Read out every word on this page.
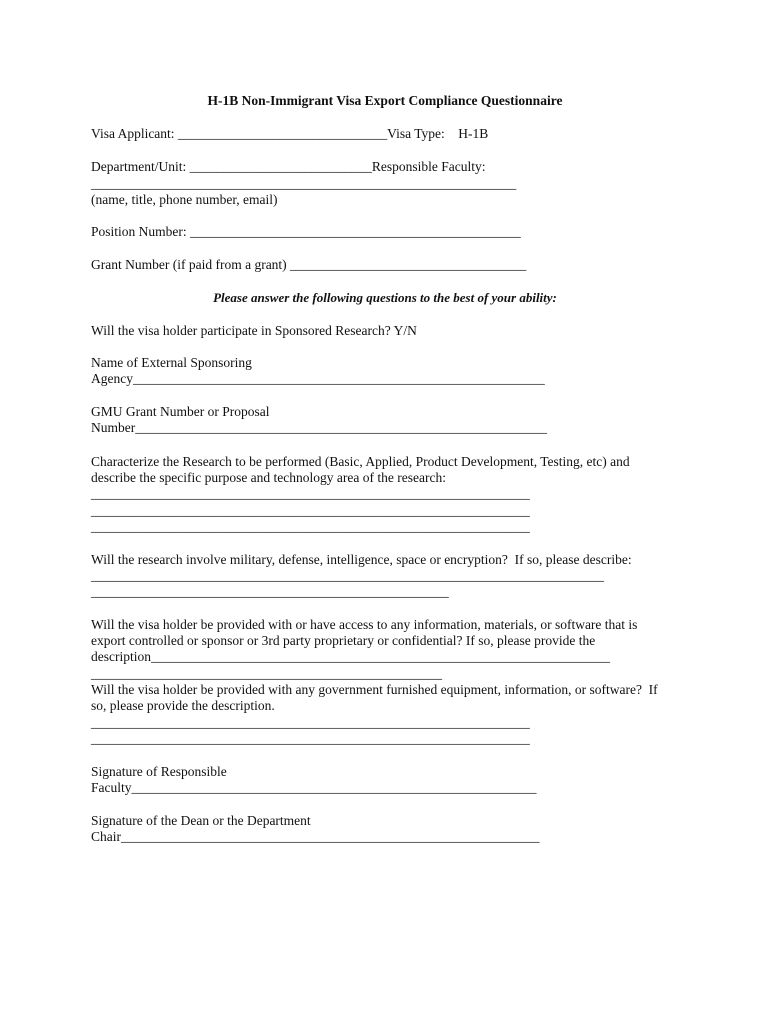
H-1B Non-Immigrant Visa Export Compliance Questionnaire

Visa Applicant: _______________________________Visa Type:    H-1B

Department/Unit: ___________________________Responsible Faculty:

_______________________________________________________________

(name, title, phone number, email)

Position Number: _________________________________________________

Grant Number (if paid from a grant) ___________________________________

Please answer the following questions to the best of your ability:

Will the visa holder participate in Sponsored Research? Y/N

Name of External Sponsoring

Agency_____________________________________________________________

GMU Grant Number or Proposal

Number_____________________________________________________________

Characterize the Research to be performed (Basic, Applied, Product Development, Testing, etc) and

describe the specific purpose and technology area of the research:

_________________________________________________________________

_________________________________________________________________

_________________________________________________________________

Will the research involve military, defense, intelligence, space or encryption?  If so, please describe:

____________________________________________________________________________

_____________________________________________________

Will the visa holder be provided with or have access to any information, materials, or software that is

export controlled or sponsor or 3rd party proprietary or confidential? If so, please provide the

description____________________________________________________________________

____________________________________________________

Will the visa holder be provided with any government furnished equipment, information, or software?  If

so, please provide the description.

_________________________________________________________________

_________________________________________________________________

Signature of Responsible

Faculty____________________________________________________________

Signature of the Dean or the Department

Chair______________________________________________________________
